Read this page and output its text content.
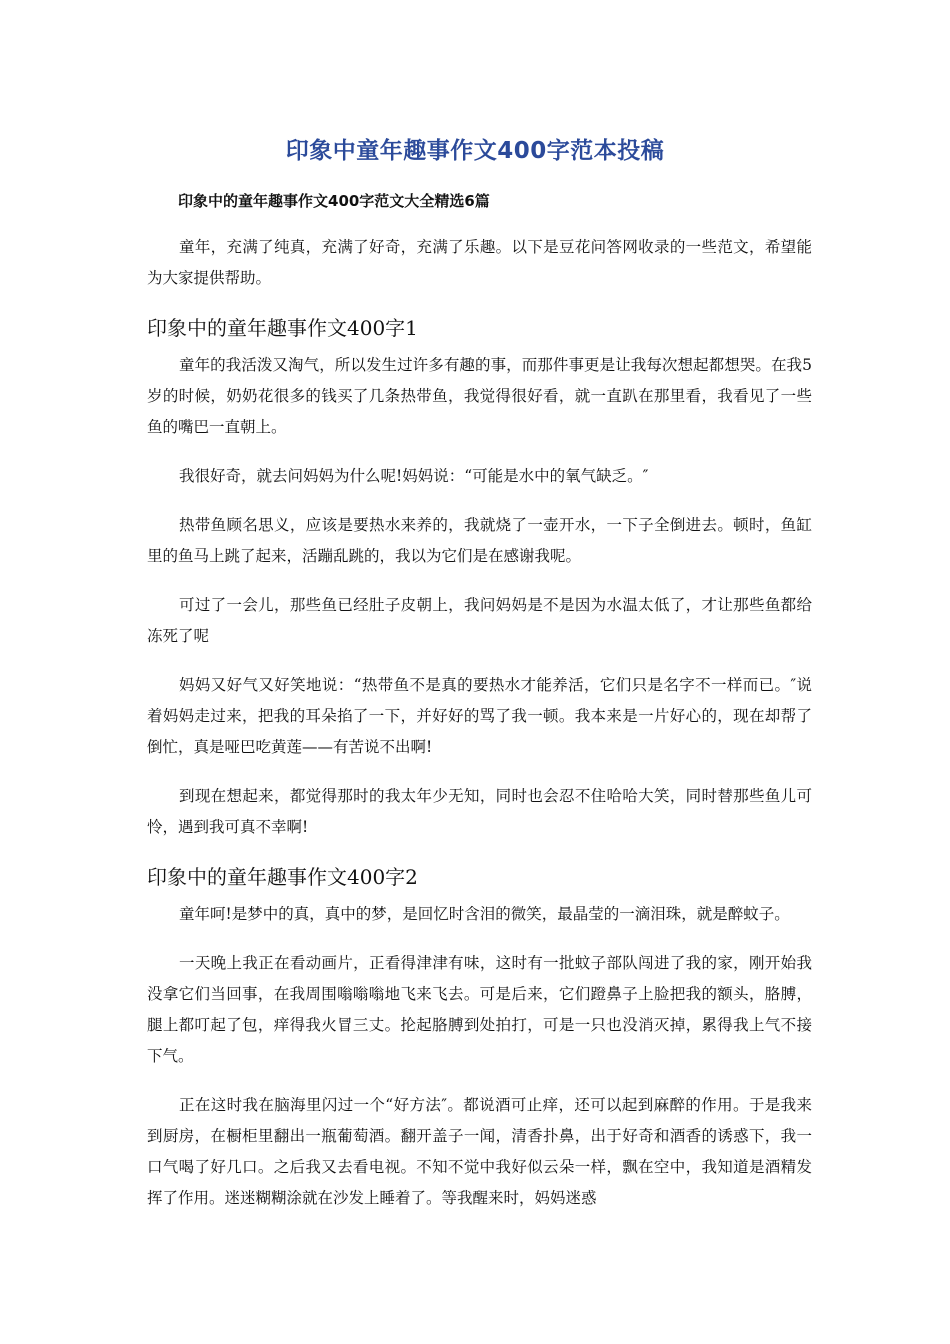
印象中童年趣事作文400字范本投稿
印象中的童年趣事作文400字范文大全精选6篇

童年，充满了纯真，充满了好奇，充满了乐趣。以下是豆花问答网收录的一些范文，希望能为大家提供帮助。

印象中的童年趣事作文400字1

童年的我活泼又淘气，所以发生过许多有趣的事，而那件事更是让我每次想起都想哭。在我5岁的时候，奶奶花很多的钱买了几条热带鱼，我觉得很好看，就一直趴在那里看，我看见了一些鱼的嘴巴一直朝上。

我很好奇，就去问妈妈为什么呢!妈妈说：“可能是水中的氧气缺乏。″

热带鱼顾名思义，应该是要热水来养的，我就烧了一壶开水，一下子全倒进去。顿时，鱼缸里的鱼马上跳了起来，活蹦乱跳的，我以为它们是在感谢我呢。

可过了一会儿，那些鱼已经肚子皮朝上，我问妈妈是不是因为水温太低了，才让那些鱼都给冻死了呢

妈妈又好气又好笑地说：“热带鱼不是真的要热水才能养活，它们只是名字不一样而已。″说着妈妈走过来，把我的耳朵掐了一下，并好好的骂了我一顿。我本来是一片好心的，现在却帮了倒忙，真是哑巴吃黄莲——有苦说不出啊!

到现在想起来，都觉得那时的我太年少无知，同时也会忍不住哈哈大笑，同时替那些鱼儿可怜，遇到我可真不幸啊!

印象中的童年趣事作文400字2

童年呵!是梦中的真，真中的梦，是回忆时含泪的微笑，最晶莹的一滴泪珠，就是醉蚊子。

一天晚上我正在看动画片，正看得津津有味，这时有一批蚊子部队闯进了我的家，刚开始我没拿它们当回事，在我周围嗡嗡嗡地飞来飞去。可是后来，它们蹬鼻子上脸把我的额头，胳膊，腿上都叮起了包，痒得我火冒三丈。抡起胳膊到处拍打，可是一只也没消灭掉，累得我上气不接下气。

正在这时我在脑海里闪过一个“好方法″。都说酒可止痒，还可以起到麻醉的作用。于是我来到厨房，在橱柜里翻出一瓶葡萄酒。翻开盖子一闻，清香扑鼻，出于好奇和酒香的诱惑下，我一口气喝了好几口。之后我又去看电视。不知不觉中我好似云朵一样，飘在空中，我知道是酒精发挥了作用。迷迷糊糊涂就在沙发上睡着了。等我醒来时，妈妈迷惑
